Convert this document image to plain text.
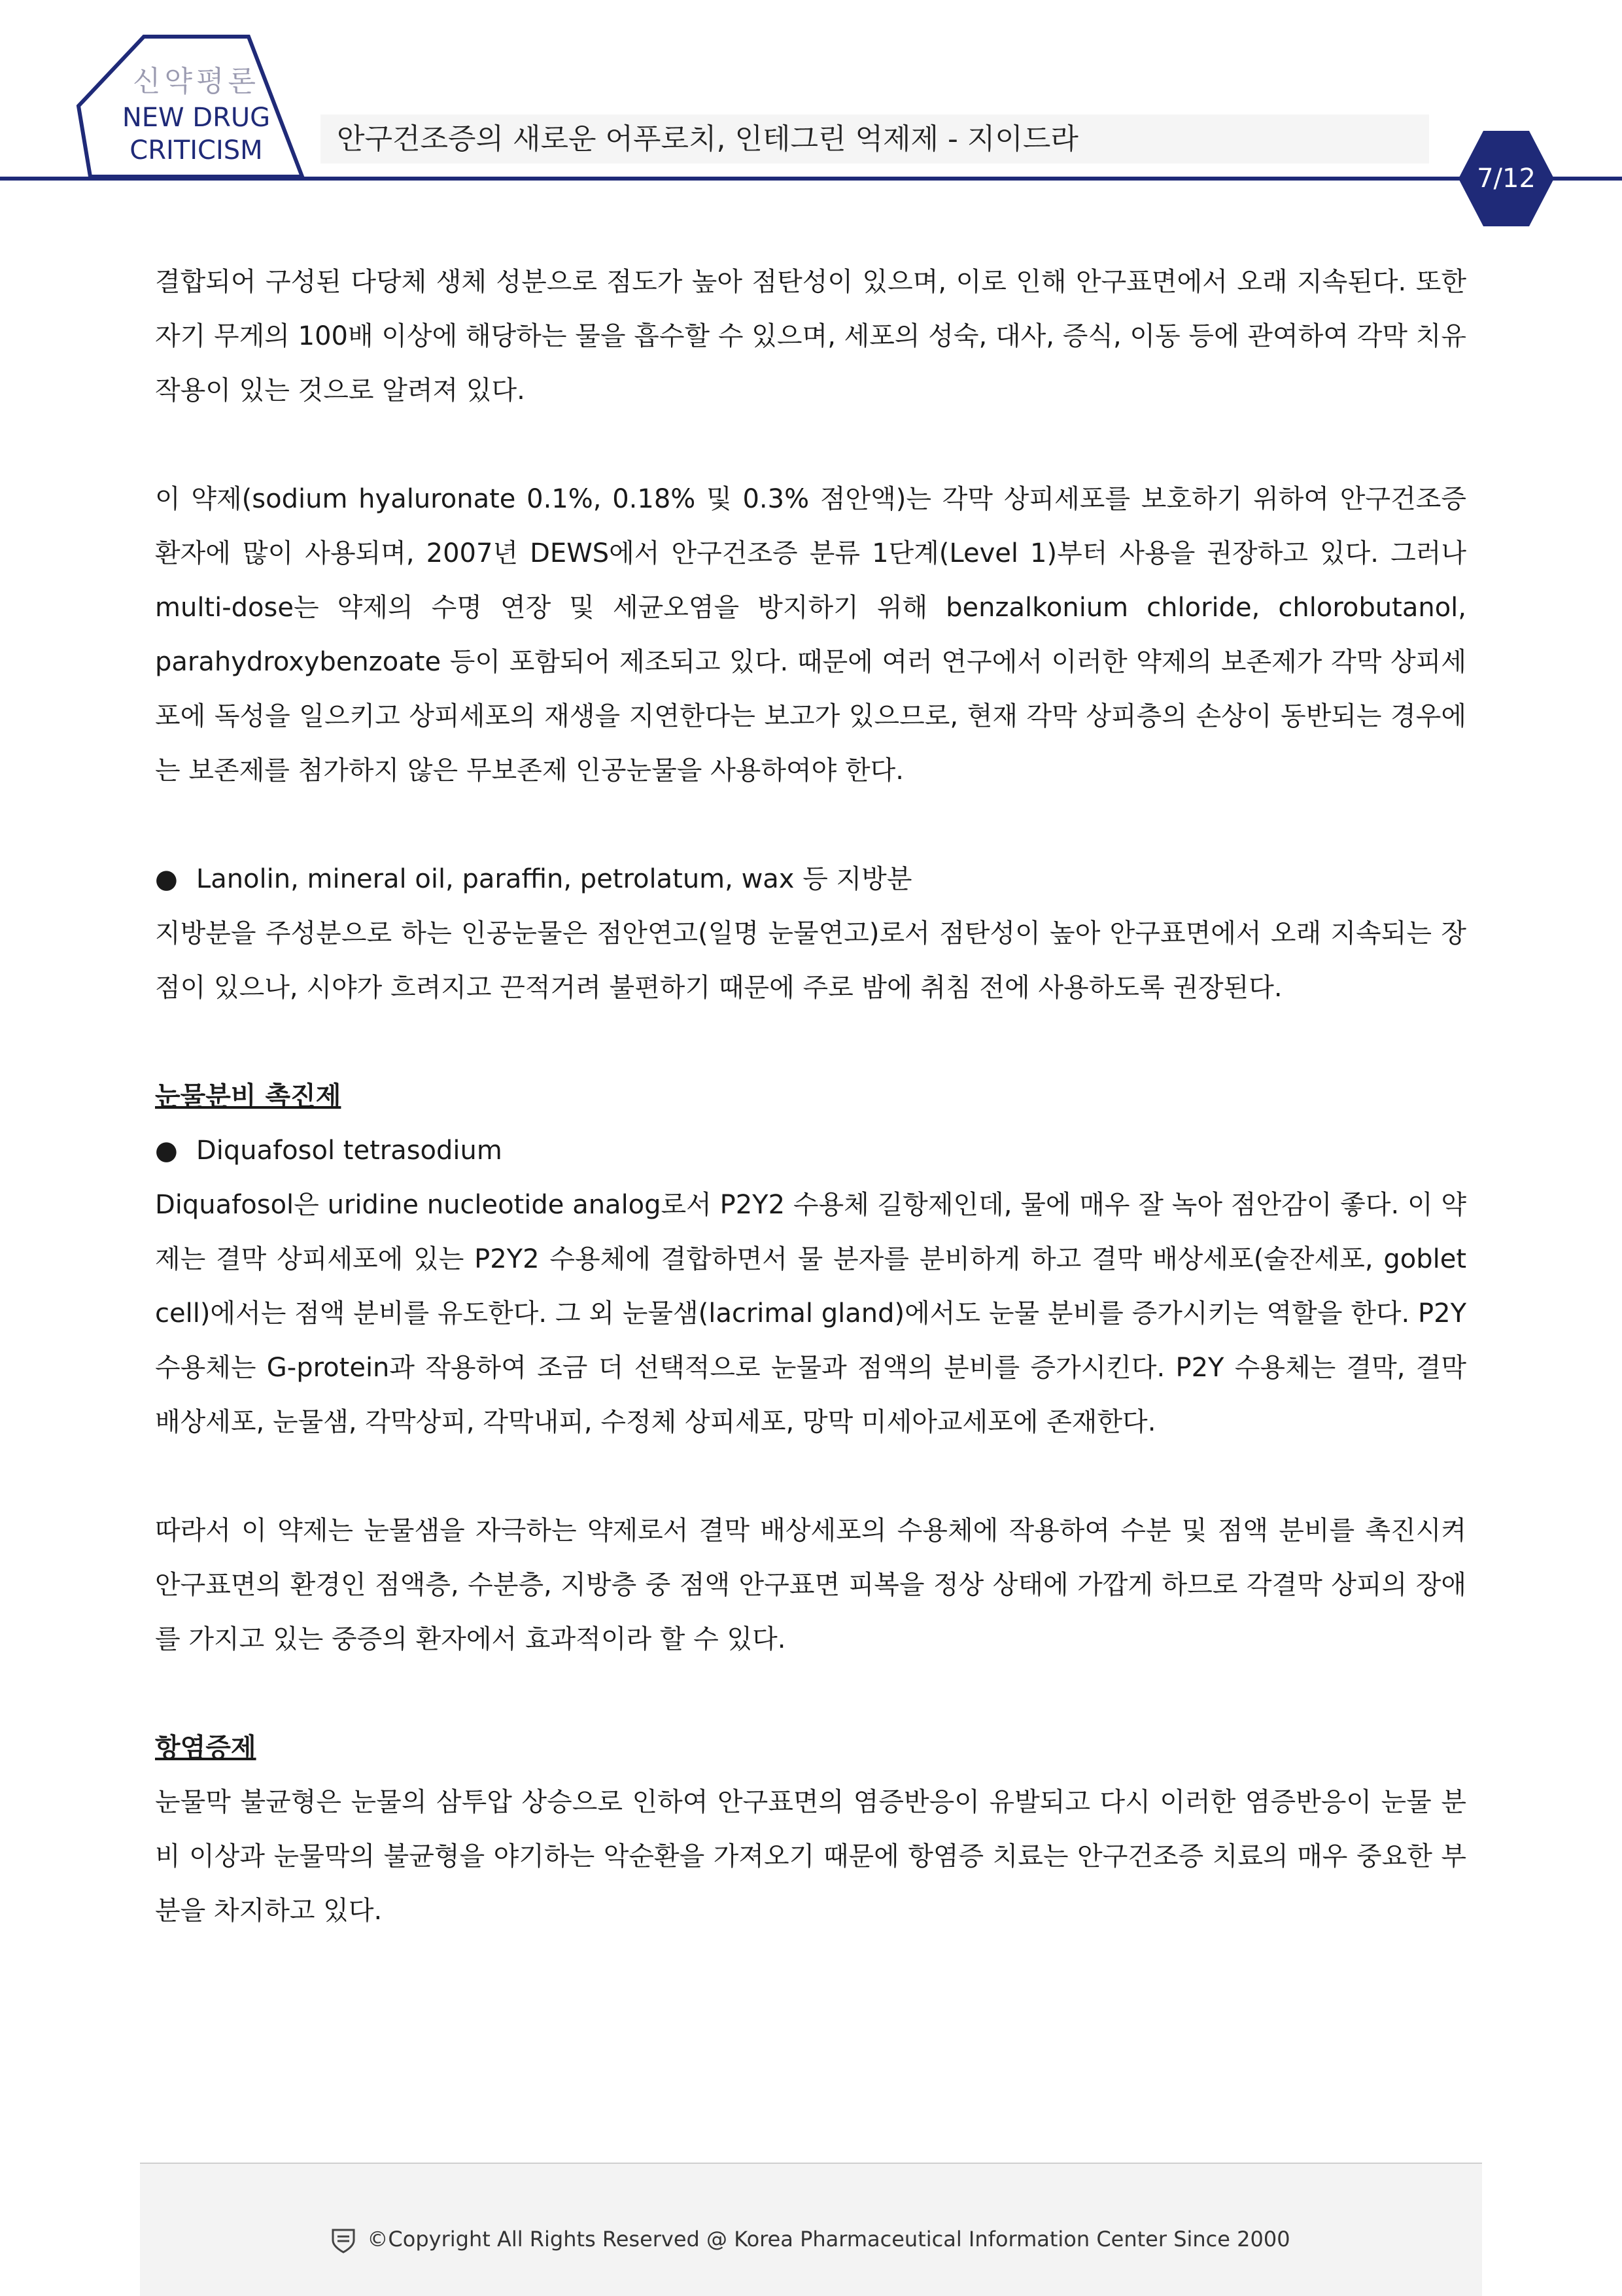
신약평론
NEW DRUG
CRITICISM	안구건조증의 새로운 어푸로치, 인테그린 억제제 - 지이드라
7/12

결합되어 구성된 다당체 생체 성분으로 점도가 높아 점탄성이 있으며, 이로 인해 안구표면에서 오래 지속된다. 또한 자기 무게의 100배 이상에 해당하는 물을 흡수할 수 있으며, 세포의 성숙, 대사, 증식, 이동 등에 관여하여 각막 치유작용이 있는 것으로 알려져 있다.

이 약제(sodium hyaluronate 0.1%, 0.18% 및 0.3% 점안액)는 각막 상피세포를 보호하기 위하여 안구건조증 환자에 많이 사용되며, 2007년 DEWS에서 안구건조증 분류 1단계(Level 1)부터 사용을 권장하고 있다. 그러나 multi-dose는 약제의 수명 연장 및 세균오염을 방지하기 위해 benzalkonium chloride, chlorobutanol, parahydroxybenzoate 등이 포함되어 제조되고 있다. 때문에 여러 연구에서 이러한 약제의 보존제가 각막 상피세포에 독성을 일으키고 상피세포의 재생을 지연한다는 보고가 있으므로, 현재 각막 상피층의 손상이 동반되는 경우에는 보존제를 첨가하지 않은 무보존제 인공눈물을 사용하여야 한다.

● Lanolin, mineral oil, paraffin, petrolatum, wax 등 지방분

지방분을 주성분으로 하는 인공눈물은 점안연고(일명 눈물연고)로서 점탄성이 높아 안구표면에서 오래 지속되는 장점이 있으나, 시야가 흐려지고 끈적거려 불편하기 때문에 주로 밤에 취침 전에 사용하도록 권장된다.

눈물분비 촉진제

● Diquafosol tetrasodium

Diquafosol은 uridine nucleotide analog로서 P2Y2 수용체 길항제인데, 물에 매우 잘 녹아 점안감이 좋다. 이 약제는 결막 상피세포에 있는 P2Y2 수용체에 결합하면서 물 분자를 분비하게 하고 결막 배상세포(술잔세포, goblet cell)에서는 점액 분비를 유도한다. 그 외 눈물샘(lacrimal gland)에서도 눈물 분비를 증가시키는 역할을 한다. P2Y 수용체는 G-protein과 작용하여 조금 더 선택적으로 눈물과 점액의 분비를 증가시킨다. P2Y 수용체는 결막, 결막 배상세포, 눈물샘, 각막상피, 각막내피, 수정체 상피세포, 망막 미세아교세포에 존재한다.

따라서 이 약제는 눈물샘을 자극하는 약제로서 결막 배상세포의 수용체에 작용하여 수분 및 점액 분비를 촉진시켜 안구표면의 환경인 점액층, 수분층, 지방층 중 점액 안구표면 피복을 정상 상태에 가깝게 하므로 각결막 상피의 장애를 가지고 있는 중증의 환자에서 효과적이라 할 수 있다.

항염증제

눈물막 불균형은 눈물의 삼투압 상승으로 인하여 안구표면의 염증반응이 유발되고 다시 이러한 염증반응이 눈물 분비 이상과 눈물막의 불균형을 야기하는 악순환을 가져오기 때문에 항염증 치료는 안구건조증 치료의 매우 중요한 부분을 차지하고 있다.

©Copyright All Rights Reserved @ Korea Pharmaceutical Information Center Since 2000
